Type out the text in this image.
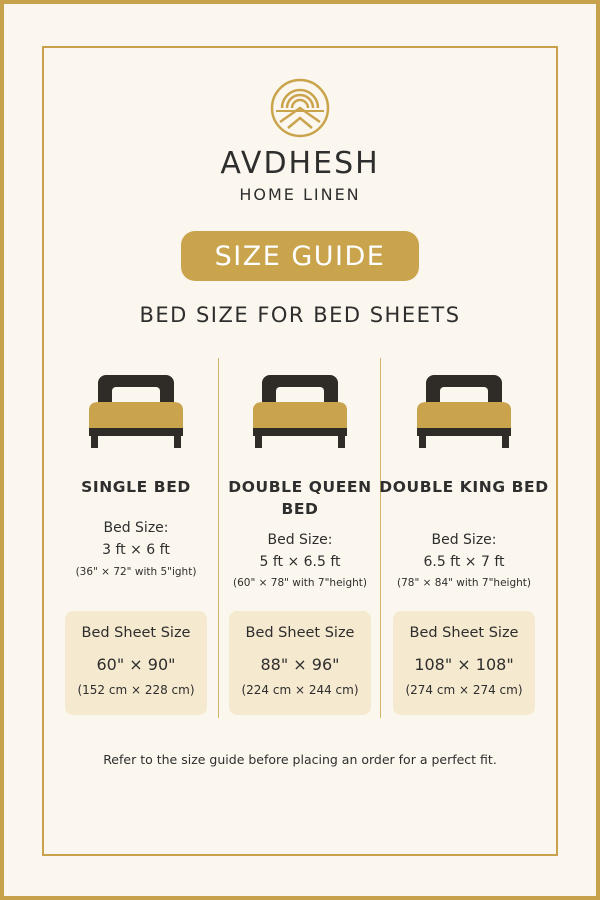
AVDHESH
HOME LINEN
SIZE GUIDE
BED SIZE FOR BED SHEETS
SINGLE BED
Bed Size:
3 ft × 6 ft
(36" × 72" with 5"ight)
Bed Sheet Size
60" × 90"
(152 cm × 228 cm)
DOUBLE QUEEN BED
Bed Size:
5 ft × 6.5 ft
(60" × 78" with 7"height)
Bed Sheet Size
88" × 96"
(224 cm × 244 cm)
DOUBLE KING BED
Bed Size:
6.5 ft × 7 ft
(78" × 84" with 7"height)
Bed Sheet Size
108" × 108"
(274 cm × 274 cm)
Refer to the size guide before placing an order for a perfect fit.
